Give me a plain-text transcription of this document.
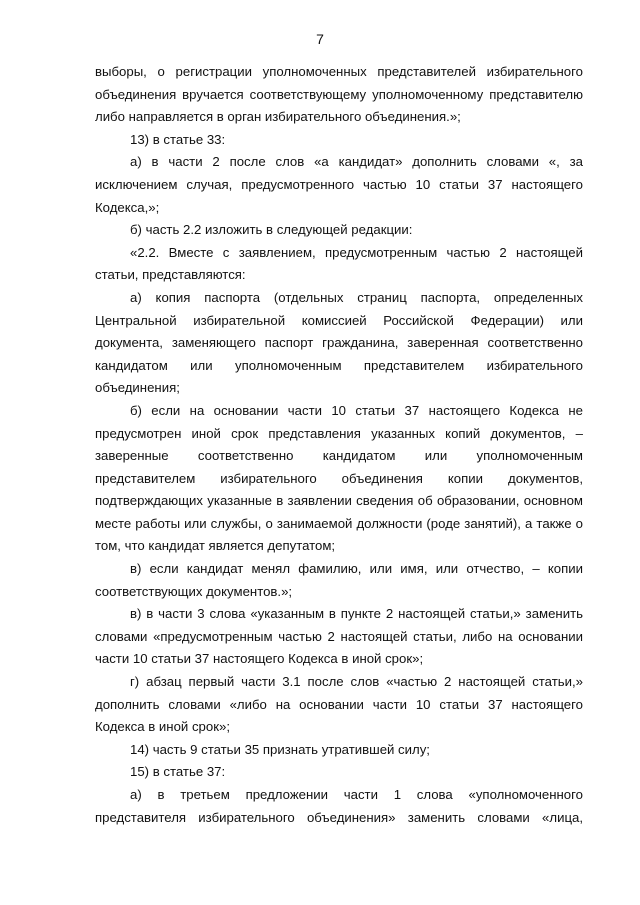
7

выборы, о регистрации уполномоченных представителей избирательного объединения вручается соответствующему уполномоченному представителю либо направляется в орган избирательного объединения.»;

13) в статье 33:

а) в части 2 после слов «а кандидат» дополнить словами «, за исключением случая, предусмотренного частью 10 статьи 37 настоящего Кодекса,»;

б) часть 2.2 изложить в следующей редакции:

«2.2. Вместе с заявлением, предусмотренным частью 2 настоящей статьи, представляются:

а) копия паспорта (отдельных страниц паспорта, определенных Центральной избирательной комиссией Российской Федерации) или документа, заменяющего паспорт гражданина, заверенная соответственно кандидатом или уполномоченным представителем избирательного объединения;

б) если на основании части 10 статьи 37 настоящего Кодекса не предусмотрен иной срок представления указанных копий документов, – заверенные соответственно кандидатом или уполномоченным представителем избирательного объединения копии документов, подтверждающих указанные в заявлении сведения об образовании, основном месте работы или службы, о занимаемой должности (роде занятий), а также о том, что кандидат является депутатом;

в) если кандидат менял фамилию, или имя, или отчество, – копии соответствующих документов.»;

в) в части 3 слова «указанным в пункте 2 настоящей статьи,» заменить словами «предусмотренным частью 2 настоящей статьи, либо на основании части 10 статьи 37 настоящего Кодекса в иной срок»;

г) абзац первый части 3.1 после слов «частью 2 настоящей статьи,» дополнить словами «либо на основании части 10 статьи 37 настоящего Кодекса в иной срок»;

14) часть 9 статьи 35 признать утратившей силу;

15) в статье 37:

а) в третьем предложении части 1 слова «уполномоченного представителя избирательного объединения» заменить словами «лица,
